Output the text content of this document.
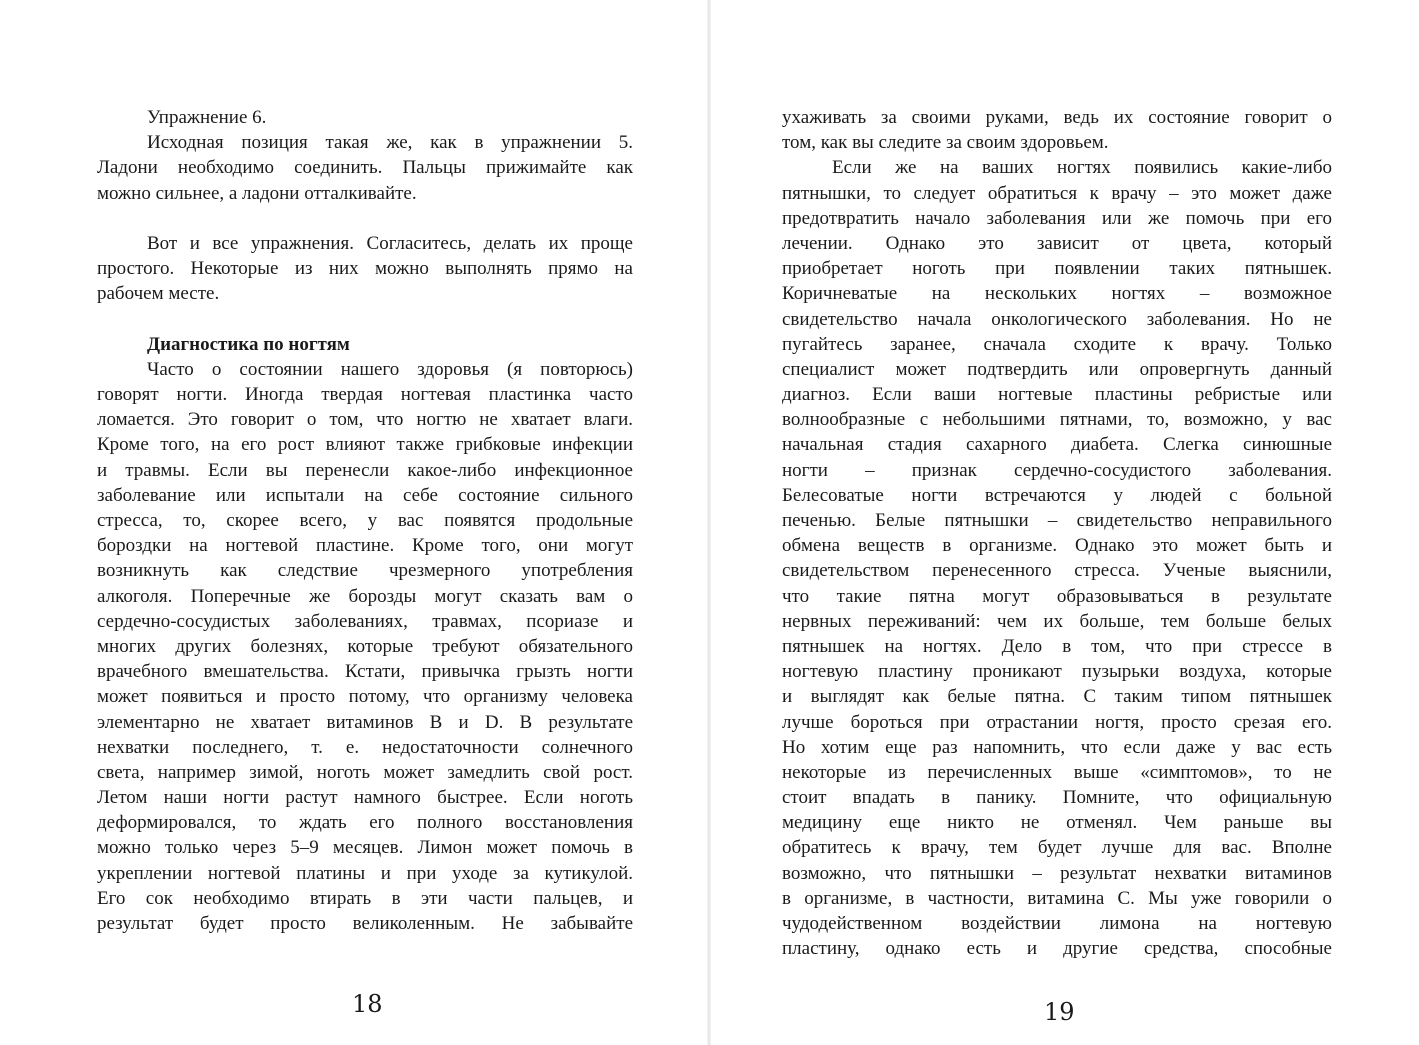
Упражнение 6.
Исходная позиция такая же, как в упражнении 5.
Ладони необходимо соединить. Пальцы прижимайте как
можно сильнее, а ладони отталкивайте.
Вот и все упражнения. Согласитесь, делать их проще
простого. Некоторые из них можно выполнять прямо на
рабочем месте.
Диагностика по ногтям
Часто о состоянии нашего здоровья (я повторюсь)
говорят ногти. Иногда твердая ногтевая пластинка часто
ломается. Это говорит о том, что ногтю не хватает влаги.
Кроме того, на его рост влияют также грибковые инфекции
и травмы. Если вы перенесли какое-либо инфекционное
заболевание или испытали на себе состояние сильного
стресса, то, скорее всего, у вас появятся продольные
бороздки на ногтевой пластине. Кроме того, они могут
возникнуть как следствие чрезмерного употребления
алкоголя. Поперечные же борозды могут сказать вам о
сердечно-сосудистых заболеваниях, травмах, псориазе и
многих других болезнях, которые требуют обязательного
врачебного вмешательства. Кстати, привычка грызть ногти
может появиться и просто потому, что организму человека
элементарно не хватает витаминов В и D. В результате
нехватки последнего, т. е. недостаточности солнечного
света, например зимой, ноготь может замедлить свой рост.
Летом наши ногти растут намного быстрее. Если ноготь
деформировался, то ждать его полного восстановления
можно только через 5–9 месяцев. Лимон может помочь в
укреплении ногтевой платины и при уходе за кутикулой.
Его сок необходимо втирать в эти части пальцев, и
результат будет просто великоленным. Не забывайте
18
ухаживать за своими руками, ведь их состояние говорит о
том, как вы следите за своим здоровьем.
Если же на ваших ногтях появились какие-либо
пятнышки, то следует обратиться к врачу – это может даже
предотвратить начало заболевания или же помочь при его
лечении. Однако это зависит от цвета, который
приобретает ноготь при появлении таких пятнышек.
Коричневатые на нескольких ногтях – возможное
свидетельство начала онкологического заболевания. Но не
пугайтесь заранее, сначала сходите к врачу. Только
специалист может подтвердить или опровергнуть данный
диагноз. Если ваши ногтевые пластины ребристые или
волнообразные с небольшими пятнами, то, возможно, у вас
начальная стадия сахарного диабета. Слегка синюшные
ногти – признак сердечно-сосудистого заболевания.
Белесоватые ногти встречаются у людей с больной
печенью. Белые пятнышки – свидетельство неправильного
обмена веществ в организме. Однако это может быть и
свидетельством перенесенного стресса. Ученые выяснили,
что такие пятна могут образовываться в результате
нервных переживаний: чем их больше, тем больше белых
пятнышек на ногтях. Дело в том, что при стрессе в
ногтевую пластину проникают пузырьки воздуха, которые
и выглядят как белые пятна. С таким типом пятнышек
лучше бороться при отрастании ногтя, просто срезая его.
Но хотим еще раз напомнить, что если даже у вас есть
некоторые из перечисленных выше «симптомов», то не
стоит впадать в панику. Помните, что официальную
медицину еще никто не отменял. Чем раньше вы
обратитесь к врачу, тем будет лучше для вас. Вполне
возможно, что пятнышки – результат нехватки витаминов
в организме, в частности, витамина С. Мы уже говорили о
чудодейственном воздействии лимона на ногтевую
пластину, однако есть и другие средства, способные
19
